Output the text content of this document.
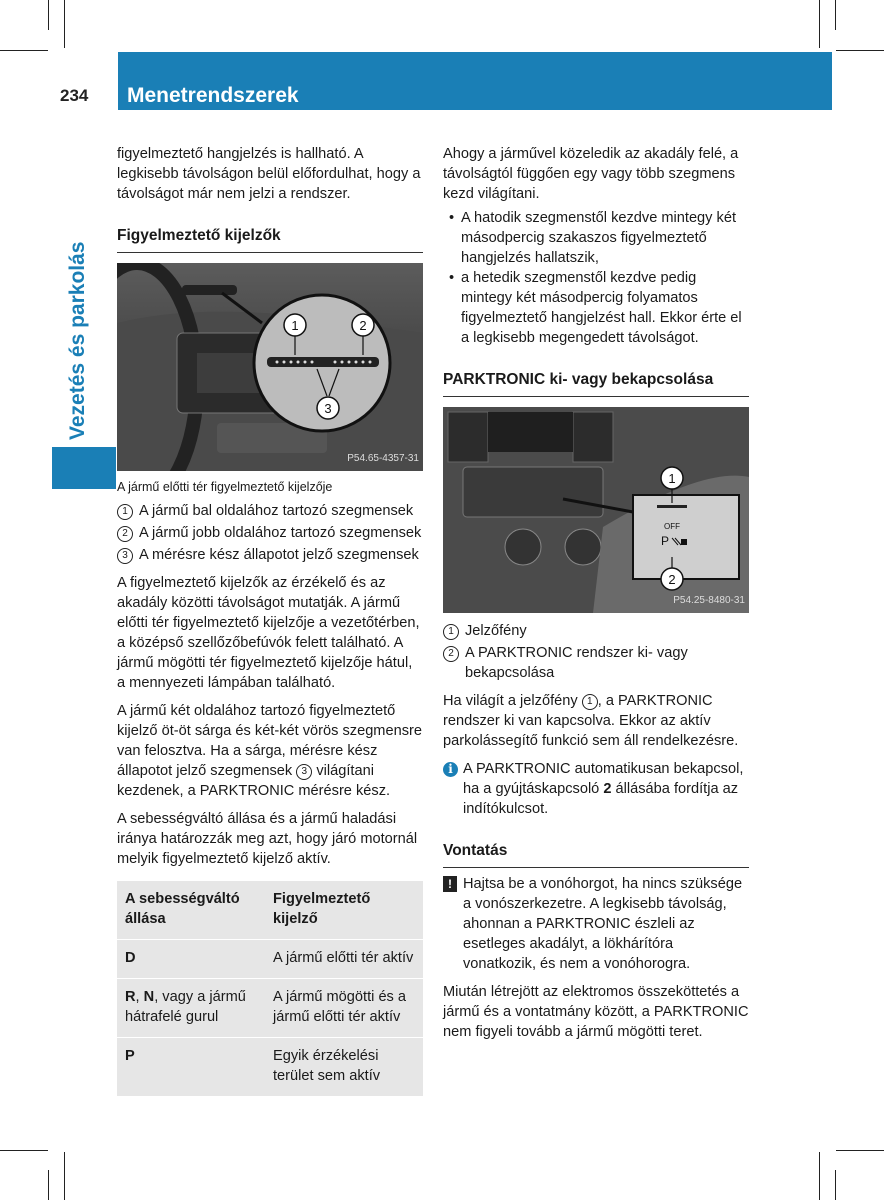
234 Menetrendszerek
Vezetés és parkolás

figyelmeztető hangjelzés is hallható. A legkisebb távolságon belül előfordulhat, hogy a távolságot már nem jelzi a rendszer.

Figyelmeztető kijelzők
1	2
3
P54.65-4357-31
A jármű előtti tér figyelmeztető kijelzője
1 A jármű bal oldalához tartozó szegmensek
2 A jármű jobb oldalához tartozó szegmensek
3 A mérésre kész állapotot jelző szegmensek

A figyelmeztető kijelzők az érzékelő és az akadály közötti távolságot mutatják. A jármű előtti tér figyelmeztető kijelzője a vezetőtérben, a középső szellőzőbefúvók felett található. A jármű mögötti tér figyelmeztető kijelzője hátul, a mennyezeti lámpában található.

A jármű két oldalához tartozó figyelmeztető kijelző öt-öt sárga és két-két vörös szegmensre van felosztva. Ha a sárga, mérésre kész állapotot jelző szegmensek 3 világítani kezdenek, a PARKTRONIC mérésre kész.

A sebességváltó állása és a jármű haladási iránya határozzák meg azt, hogy járó motornál melyik figyelmeztető kijelző aktív.

A sebességváltó állása	Figyelmeztető kijelző
D	A jármű előtti tér aktív
R, N, vagy a jármű hátrafelé gurul	A jármű mögötti és a jármű előtti tér aktív
P	Egyik érzékelési terület sem aktív

Ahogy a járművel közeledik az akadály felé, a távolságtól függően egy vagy több szegmens kezd világítani.

• A hatodik szegmenstől kezdve mintegy két másodpercig szakaszos figyelmeztető hangjelzés hallatszik,
• a hetedik szegmenstől kezdve pedig mintegy két másodpercig folyamatos figyelmeztető hangjelzést hall. Ekkor érte el a legkisebb megengedett távolságot.
PARKTRONIC ki- vagy bekapcsolása
OFF
P
1
2
P54.25-8480-31
1 Jelzőfény
2 A PARKTRONIC rendszer ki- vagy bekapcsolása

Ha világít a jelzőfény 1 , a PARKTRONIC rendszer ki van kapcsolva. Ekkor az aktív parkolássegítő funkció sem áll rendelkezésre.

i A PARKTRONIC automatikusan bekapcsol, ha a gyújtáskapcsoló 2 állásába fordítja az indítókulcsot.
Vontatás
! Hajtsa be a vonóhorgot, ha nincs szüksége a vonószerkezetre. A legkisebb távolság, ahonnan a PARKTRONIC észleli az esetleges akadályt, a lökhárítóra vonatkozik, és nem a vonóhorogra.

Miután létrejött az elektromos összeköttetés a jármű és a vontatmány között, a PARKTRONIC nem figyeli tovább a jármű mögötti teret.
